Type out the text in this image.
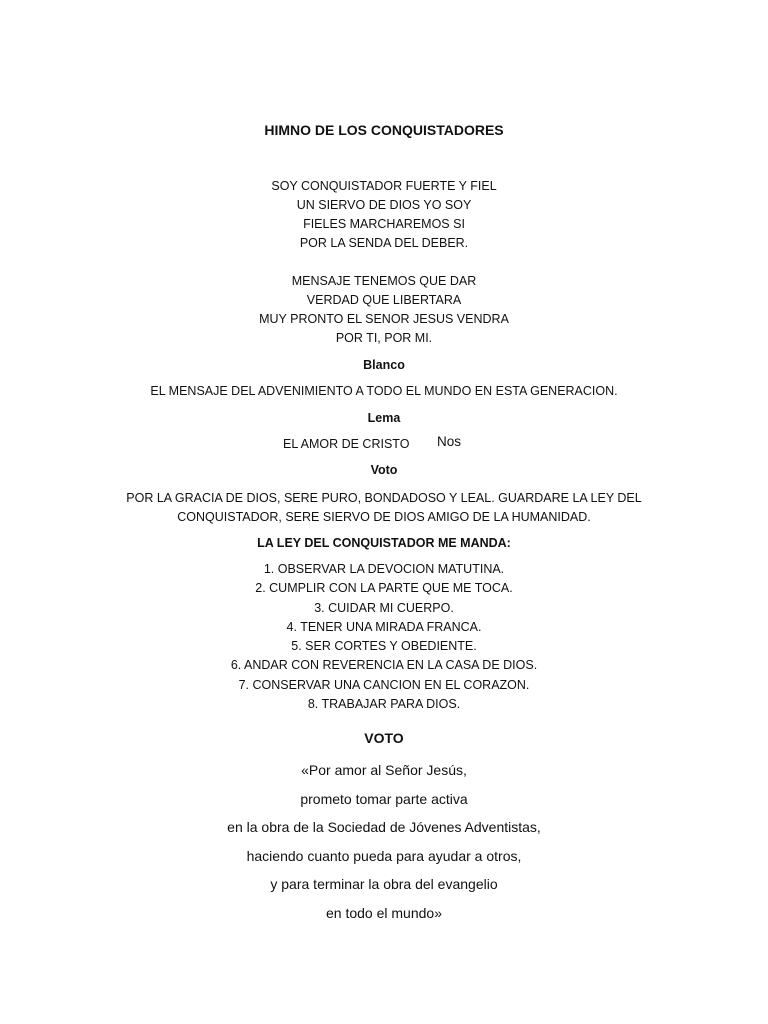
HIMNO DE LOS CONQUISTADORES
SOY CONQUISTADOR FUERTE Y FIEL
UN SIERVO DE DIOS YO SOY
FIELES MARCHAREMOS SI
POR LA SENDA DEL DEBER.
MENSAJE TENEMOS QUE DAR
VERDAD QUE LIBERTARA
MUY PRONTO EL SENOR JESUS VENDRA
POR TI, POR MI.
Blanco
EL MENSAJE DEL ADVENIMIENTO A TODO EL MUNDO EN ESTA GENERACION.
Lema
EL AMOR DE CRISTO Nos
Voto
POR LA GRACIA DE DIOS, SERE PURO, BONDADOSO Y LEAL. GUARDARE LA LEY DEL
CONQUISTADOR, SERE SIERVO DE DIOS AMIGO DE LA HUMANIDAD.
LA LEY DEL CONQUISTADOR ME MANDA:
1. OBSERVAR LA DEVOCION MATUTINA.
2. CUMPLIR CON LA PARTE QUE ME TOCA.
3. CUIDAR MI CUERPO.
4. TENER UNA MIRADA FRANCA.
5. SER CORTES Y OBEDIENTE.
6. ANDAR CON REVERENCIA EN LA CASA DE DIOS.
7. CONSERVAR UNA CANCION EN EL CORAZON.
8. TRABAJAR PARA DIOS.
VOTO
«Por amor al Señor Jesús,
prometo tomar parte activa
en la obra de la Sociedad de Jóvenes Adventistas,
haciendo cuanto pueda para ayudar a otros,
y para terminar la obra del evangelio
en todo el mundo»
